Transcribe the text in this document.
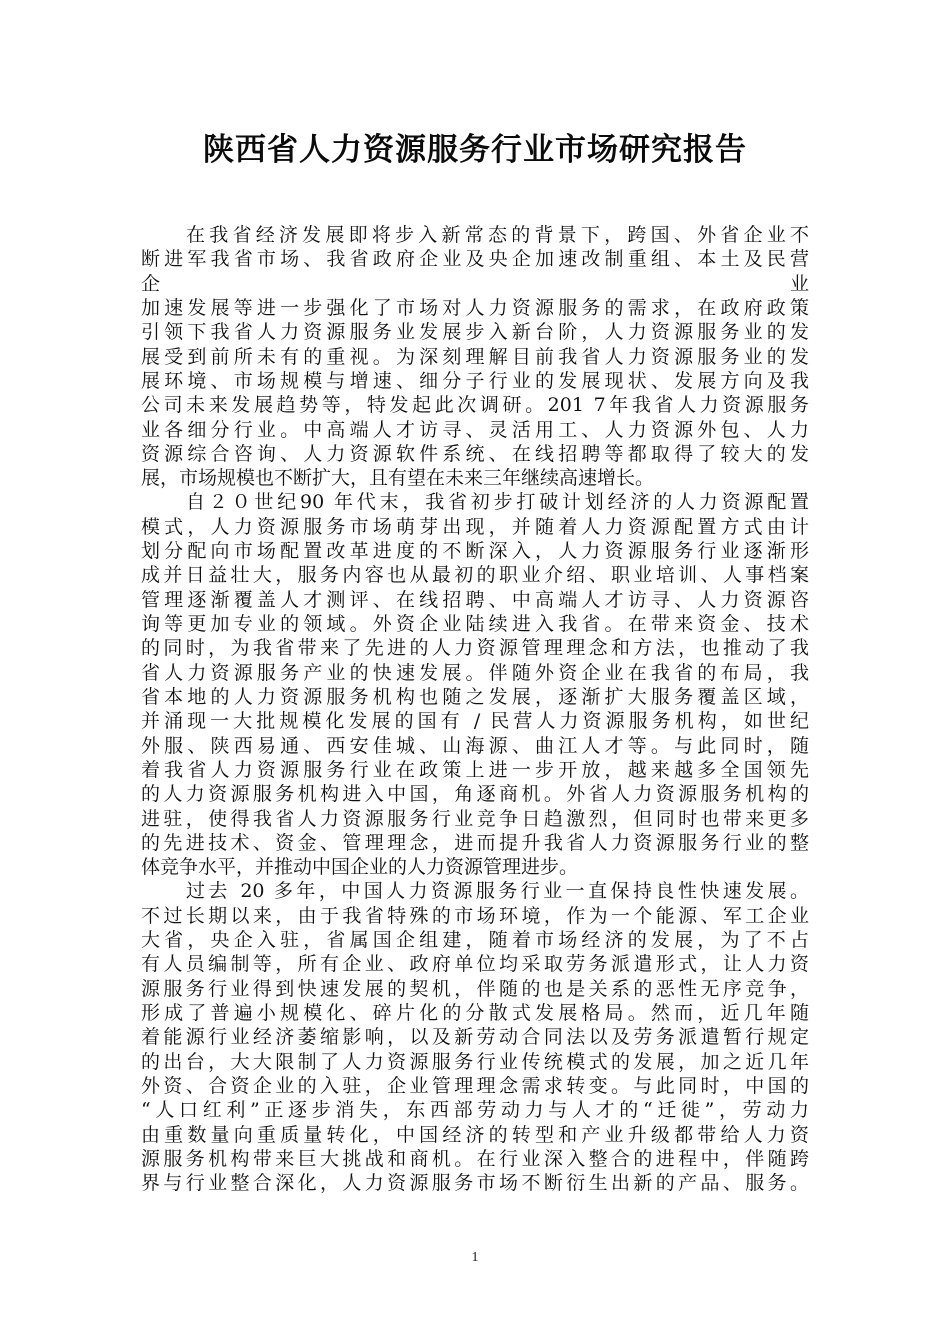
陕西省人力资源服务行业市场研究报告
在我省经济发展即将步入新常态的背景下，跨国、外省企业不
断进军我省市场、我省政府企业及央企加速改制重组、本土及民营
企	业
加速发展等进一步强化了市场对人力资源服务的需求，在政府政策
引领下我省人力资源服务业发展步入新台阶，人力资源服务业的发
展受到前所未有的重视。为深刻理解目前我省人力资源服务业的发
展环境、市场规模与增速、细分子行业的发展现状、发展方向及我
公司未来发展趋势等，特发起此次调研。201 7年我省人力资源服务
业各细分行业。中高端人才访寻、灵活用工、人力资源外包、人力
资源综合咨询、人力资源软件系统、在线招聘等都取得了较大的发
展，市场规模也不断扩大，且有望在未来三年继续高速增长。
自２０世纪90 年代末，我省初步打破计划经济的人力资源配置
模式，人力资源服务市场萌芽出现，并随着人力资源配置方式由计
划分配向市场配置改革进度的不断深入，人力资源服务行业逐渐形
成并日益壮大，服务内容也从最初的职业介绍、职业培训、人事档案
管理逐渐覆盖人才测评、在线招聘、中高端人才访寻、人力资源咨
询等更加专业的领域。外资企业陆续进入我省。在带来资金、技术
的同时，为我省带来了先进的人力资源管理理念和方法，也推动了我
省人力资源服务产业的快速发展。伴随外资企业在我省的布局，我
省本地的人力资源服务机构也随之发展，逐渐扩大服务覆盖区域，
并涌现一大批规模化发展的国有 / 民营人力资源服务机构，如世纪
外服、陕西易通、西安佳城、山海源、曲江人才等。与此同时，随
着我省人力资源服务行业在政策上进一步开放，越来越多全国领先
的人力资源服务机构进入中国，角逐商机。外省人力资源服务机构的
进驻，使得我省人力资源服务行业竞争日趋激烈，但同时也带来更多
的先进技术、资金、管理理念，进而提升我省人力资源服务行业的整
体竞争水平，并推动中国企业的人力资源管理进步。
过去 20 多年，中国人力资源服务行业一直保持良性快速发展。
不过长期以来，由于我省特殊的市场环境，作为一个能源、军工企业
大省，央企入驻，省属国企组建，随着市场经济的发展，为了不占
有人员编制等，所有企业、政府单位均采取劳务派遣形式，让人力资
源服务行业得到快速发展的契机，伴随的也是关系的恶性无序竞争，
形成了普遍小规模化、碎片化的分散式发展格局。然而，近几年随
着能源行业经济萎缩影响，以及新劳动合同法以及劳务派遣暂行规定
的出台，大大限制了人力资源服务行业传统模式的发展，加之近几年
外资、合资企业的入驻，企业管理理念需求转变。与此同时，中国的
“人口红利”正逐步消失，东西部劳动力与人才的“迁徙”，劳动力
由重数量向重质量转化，中国经济的转型和产业升级都带给人力资
源服务机构带来巨大挑战和商机。在行业深入整合的进程中，伴随跨
界与行业整合深化，人力资源服务市场不断衍生出新的产品、服务。
1
